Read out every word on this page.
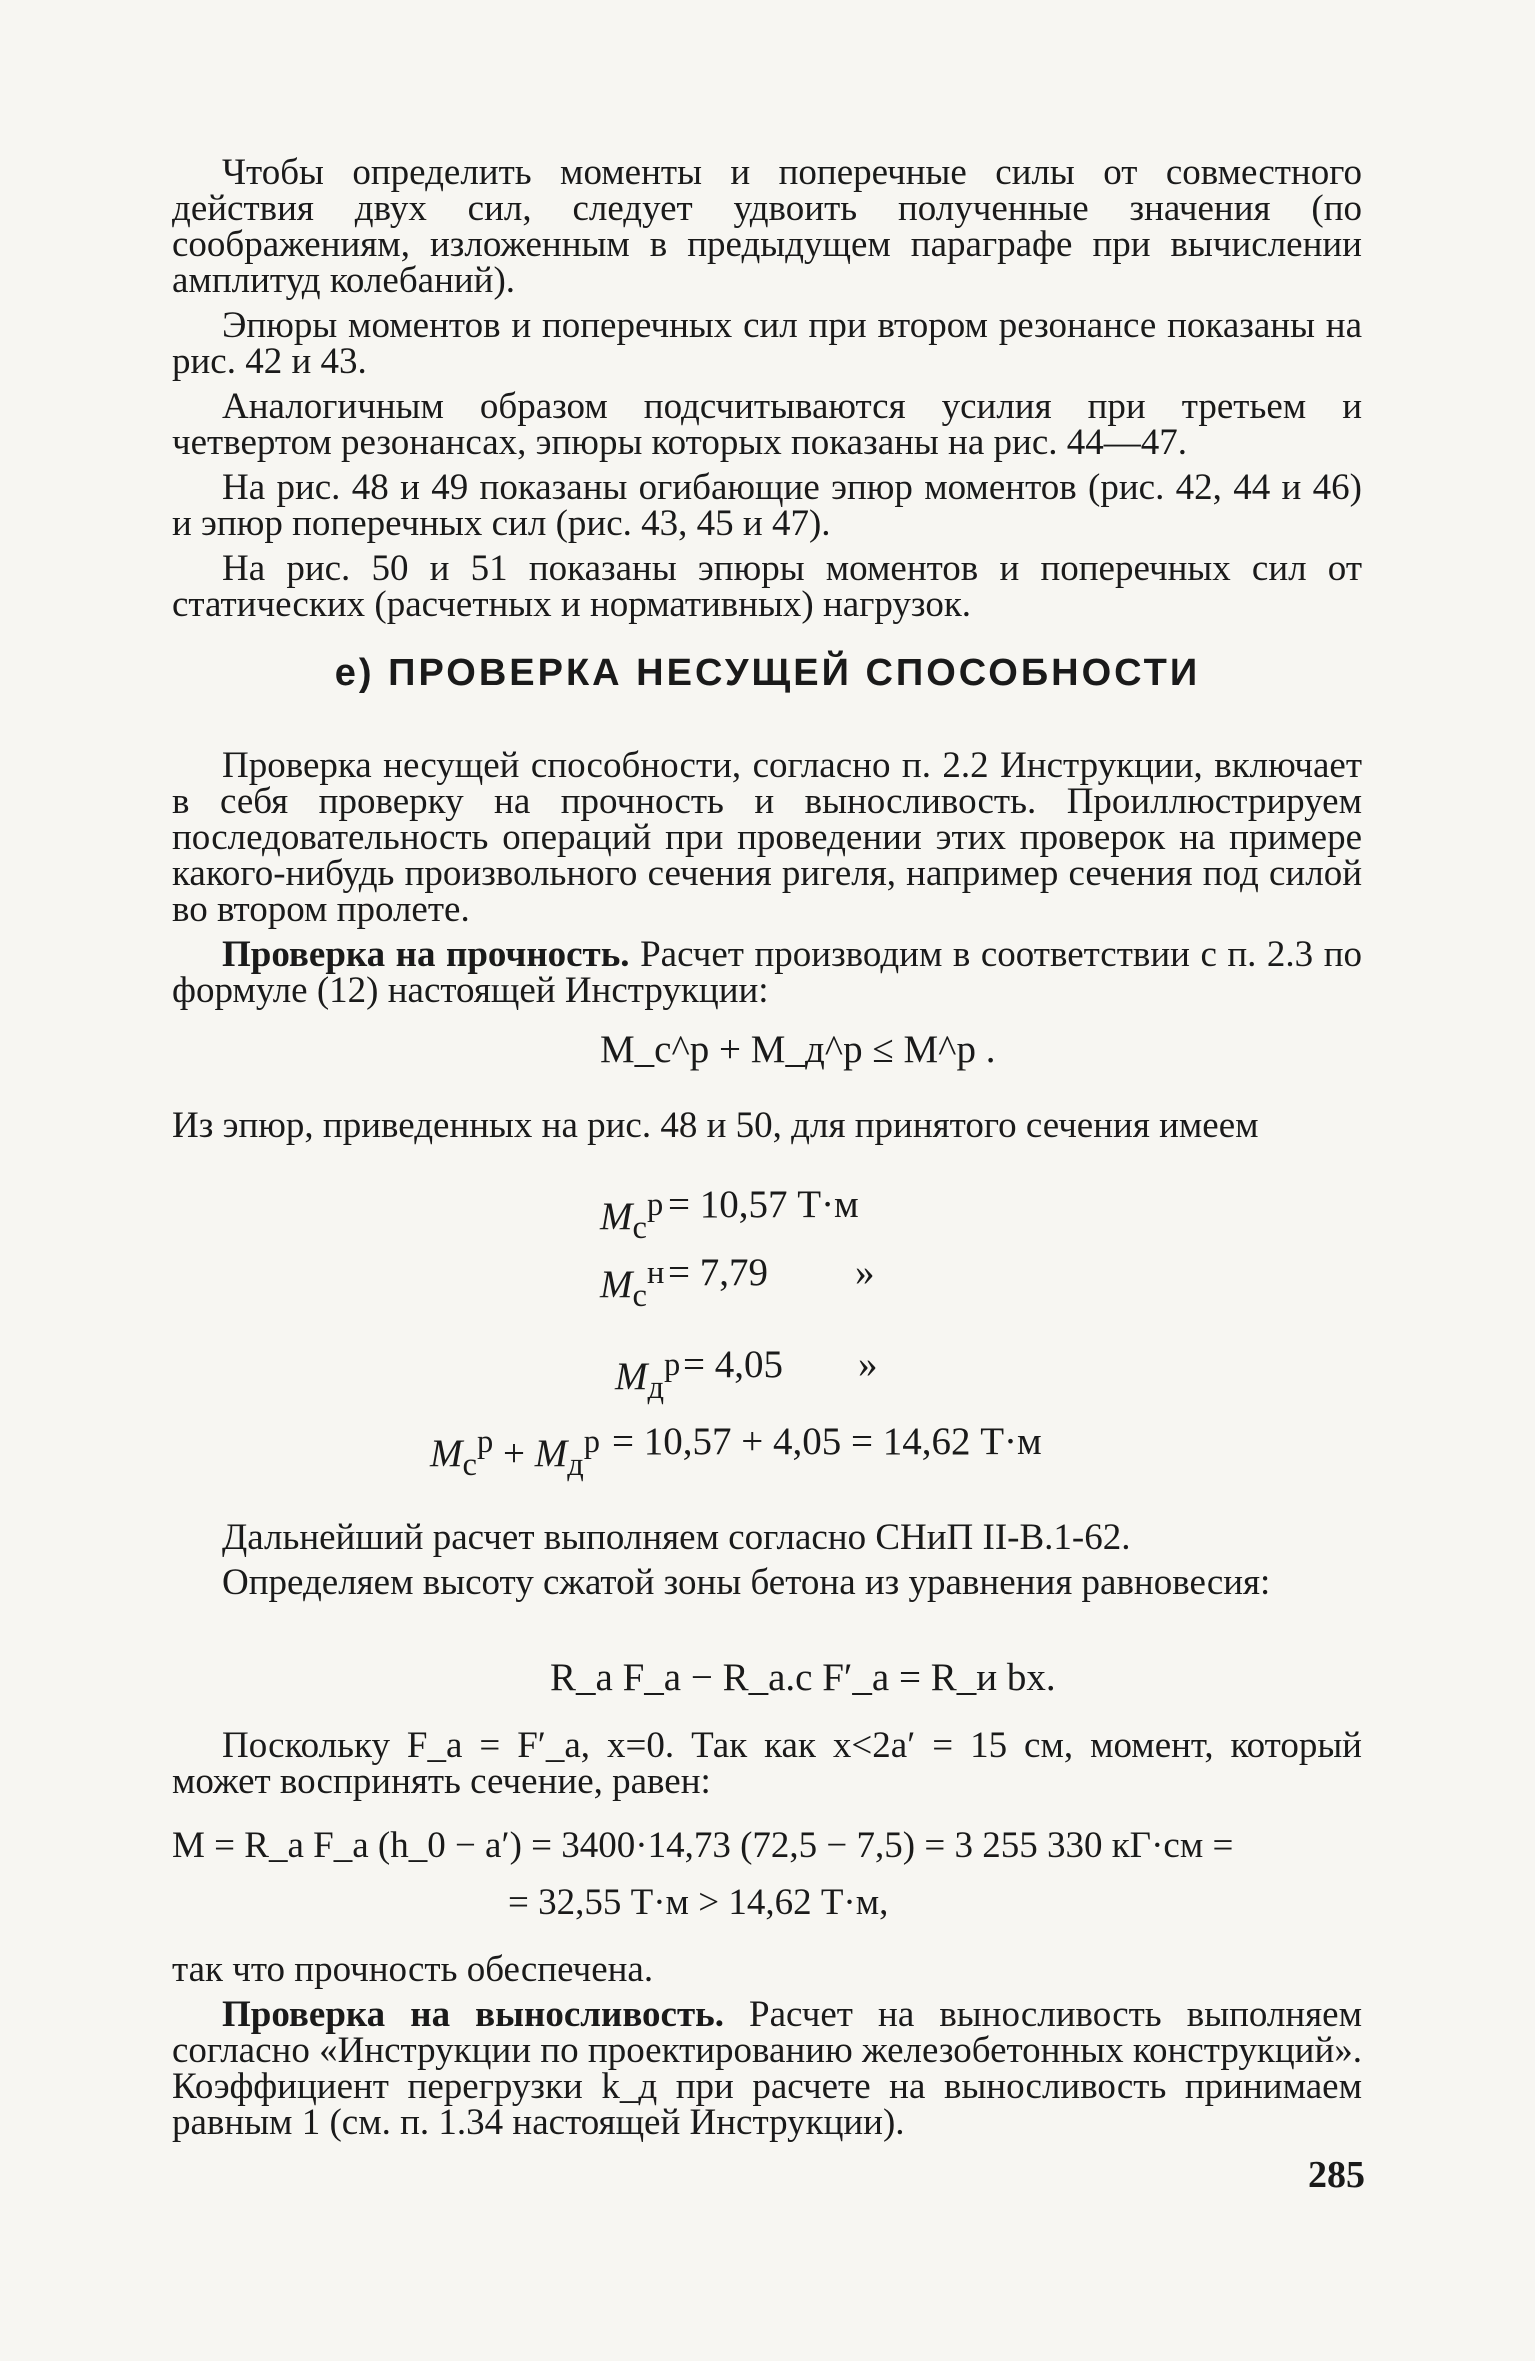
Чтобы определить моменты и поперечные силы от совместного действия двух сил, следует удвоить полученные значения (по соображениям, изложенным в предыдущем параграфе при вычислении амплитуд колебаний).

Эпюры моментов и поперечных сил при втором резонансе показаны на рис. 42 и 43.

Аналогичным образом подсчитываются усилия при третьем и четвертом резонансах, эпюры которых показаны на рис. 44—47.

На рис. 48 и 49 показаны огибающие эпюр моментов (рис. 42, 44 и 46) и эпюр поперечных сил (рис. 43, 45 и 47).

На рис. 50 и 51 показаны эпюры моментов и поперечных сил от статических (расчетных и нормативных) нагрузок.

е) ПРОВЕРКА НЕСУЩЕЙ СПОСОБНОСТИ

Проверка несущей способности, согласно п. 2.2 Инструкции, включает в себя проверку на прочность и выносливость. Проиллюстрируем последовательность операций при проведении этих проверок на примере какого-нибудь произвольного сечения ригеля, например сечения под силой во втором пролете.

Проверка на прочность. Расчет производим в соответствии с п. 2.3 по формуле (12) настоящей Инструкции:

M_с^р + M_д^р ≤ M^р .

Из эпюр, приведенных на рис. 48 и 50, для принятого сечения имеем

$M_с^р = 10,57$ Т·м
$M_с^н = 7,79$ »
$M_д^р = 4,05$ »
$M_с^р + M_д^р = 10,57 + 4,05 = 14,62$ Т·м

Дальнейший расчет выполняем согласно СНиП II-В.1-62.

Определяем высоту сжатой зоны бетона из уравнения равновесия:

R_а F_а − R_а.с F′_а = R_и bx.

Поскольку F_а = F′_а, x=0. Так как x<2a′ = 15 см, момент, который может воспринять сечение, равен:

M = R_а F_а (h_0 − a′) = 3400·14,73 (72,5 − 7,5) = 3 255 330 кГ·см =
= 32,55 Т·м > 14,62 Т·м,

так что прочность обеспечена.

Проверка на выносливость. Расчет на выносливость выполняем согласно «Инструкции по проектированию железобетонных конструкций». Коэффициент перегрузки k_д при расчете на выносливость принимаем равным 1 (см. п. 1.34 настоящей Инструкции).

285
